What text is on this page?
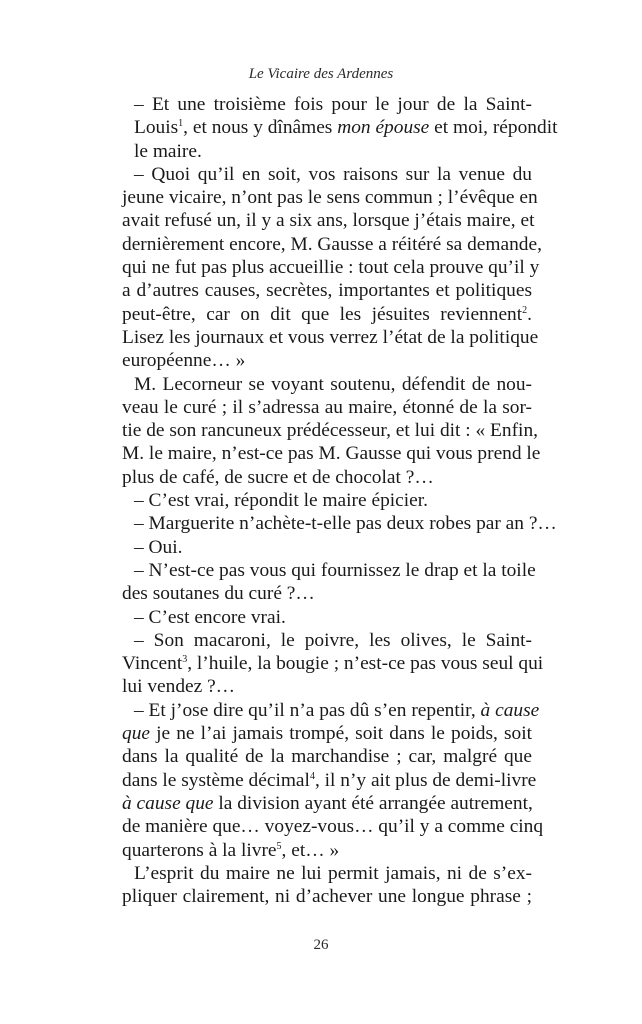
Le Vicaire des Ardennes
– Et une troisième fois pour le jour de la Saint-
Louis$^1$, et nous y dînâmes mon épouse et moi, répondit
le maire.
– Quoi qu’il en soit, vos raisons sur la venue du
jeune vicaire, n’ont pas le sens commun ; l’évêque en
avait refusé un, il y a six ans, lorsque j’étais maire, et
dernièrement encore, M. Gausse a réitéré sa demande,
qui ne fut pas plus accueillie : tout cela prouve qu’il y
a d’autres causes, secrètes, importantes et politiques
peut-être, car on dit que les jésuites reviennent$^2$.
Lisez les journaux et vous verrez l’état de la politique
européenne… »
M. Lecorneur se voyant soutenu, défendit de nou-
veau le curé ; il s’adressa au maire, étonné de la sor-
tie de son rancuneux prédécesseur, et lui dit : « Enfin,
M. le maire, n’est-ce pas M. Gausse qui vous prend le
plus de café, de sucre et de chocolat ?…
– C’est vrai, répondit le maire épicier.
– Marguerite n’achète-t-elle pas deux robes par an ?…
– Oui.
– N’est-ce pas vous qui fournissez le drap et la toile
des soutanes du curé ?…
– C’est encore vrai.
– Son macaroni, le poivre, les olives, le Saint-
Vincent$^3$, l’huile, la bougie ; n’est-ce pas vous seul qui
lui vendez ?…
– Et j’ose dire qu’il n’a pas dû s’en repentir, à cause
que je ne l’ai jamais trompé, soit dans le poids, soit
dans la qualité de la marchandise ; car, malgré que
dans le système décimal$^4$, il n’y ait plus de demi-livre
à cause que la division ayant été arrangée autrement,
de manière que… voyez-vous… qu’il y a comme cinq
quarterons à la livre$^5$, et… »
L’esprit du maire ne lui permit jamais, ni de s’ex-
pliquer clairement, ni d’achever une longue phrase ;
26
